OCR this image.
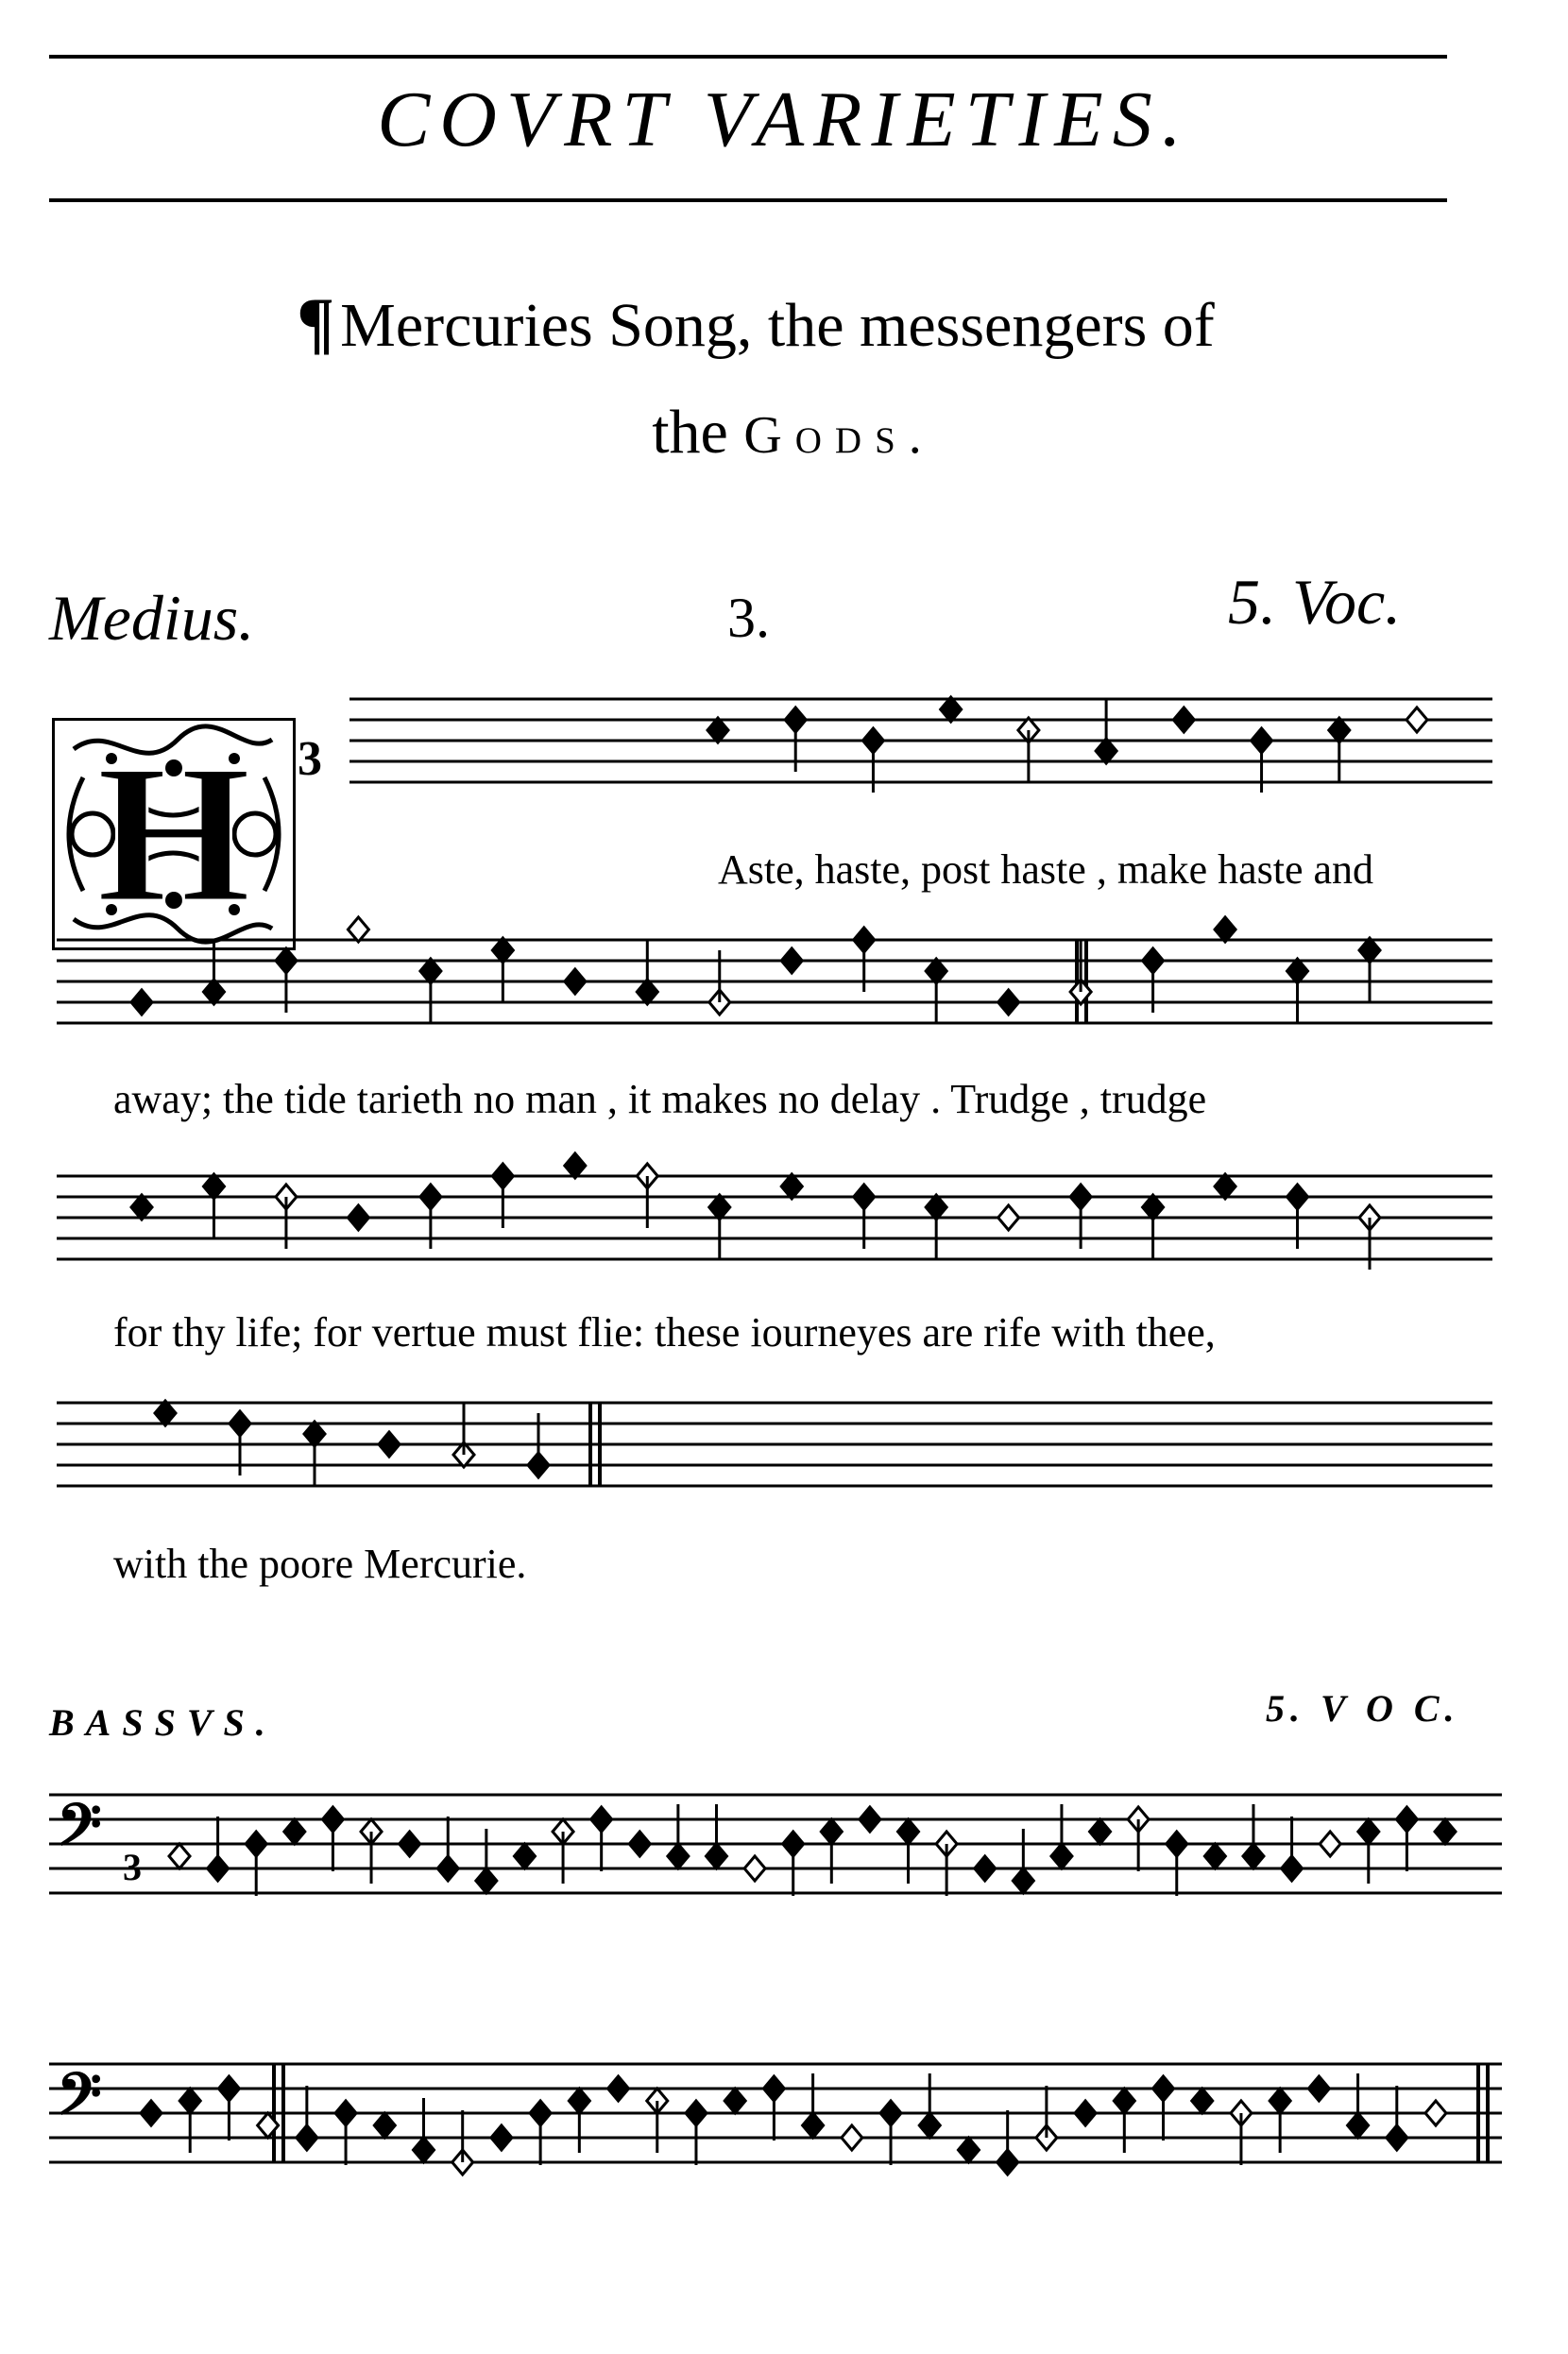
COVRT VARIETIES.
¶Mercuries Song, the messengers of
the Gods.
Medius.	3.	5. Voc.
H 3
Aste, haste, post haste , make haste and
away; the tide tarieth no man , it makes no delay . Trudge , trudge
for thy life; for vertue must flie: these iourneyes are rife with thee,
with the poore Mercurie.
BASSVS.	5. V O C.
𝄢 3
𝄢
